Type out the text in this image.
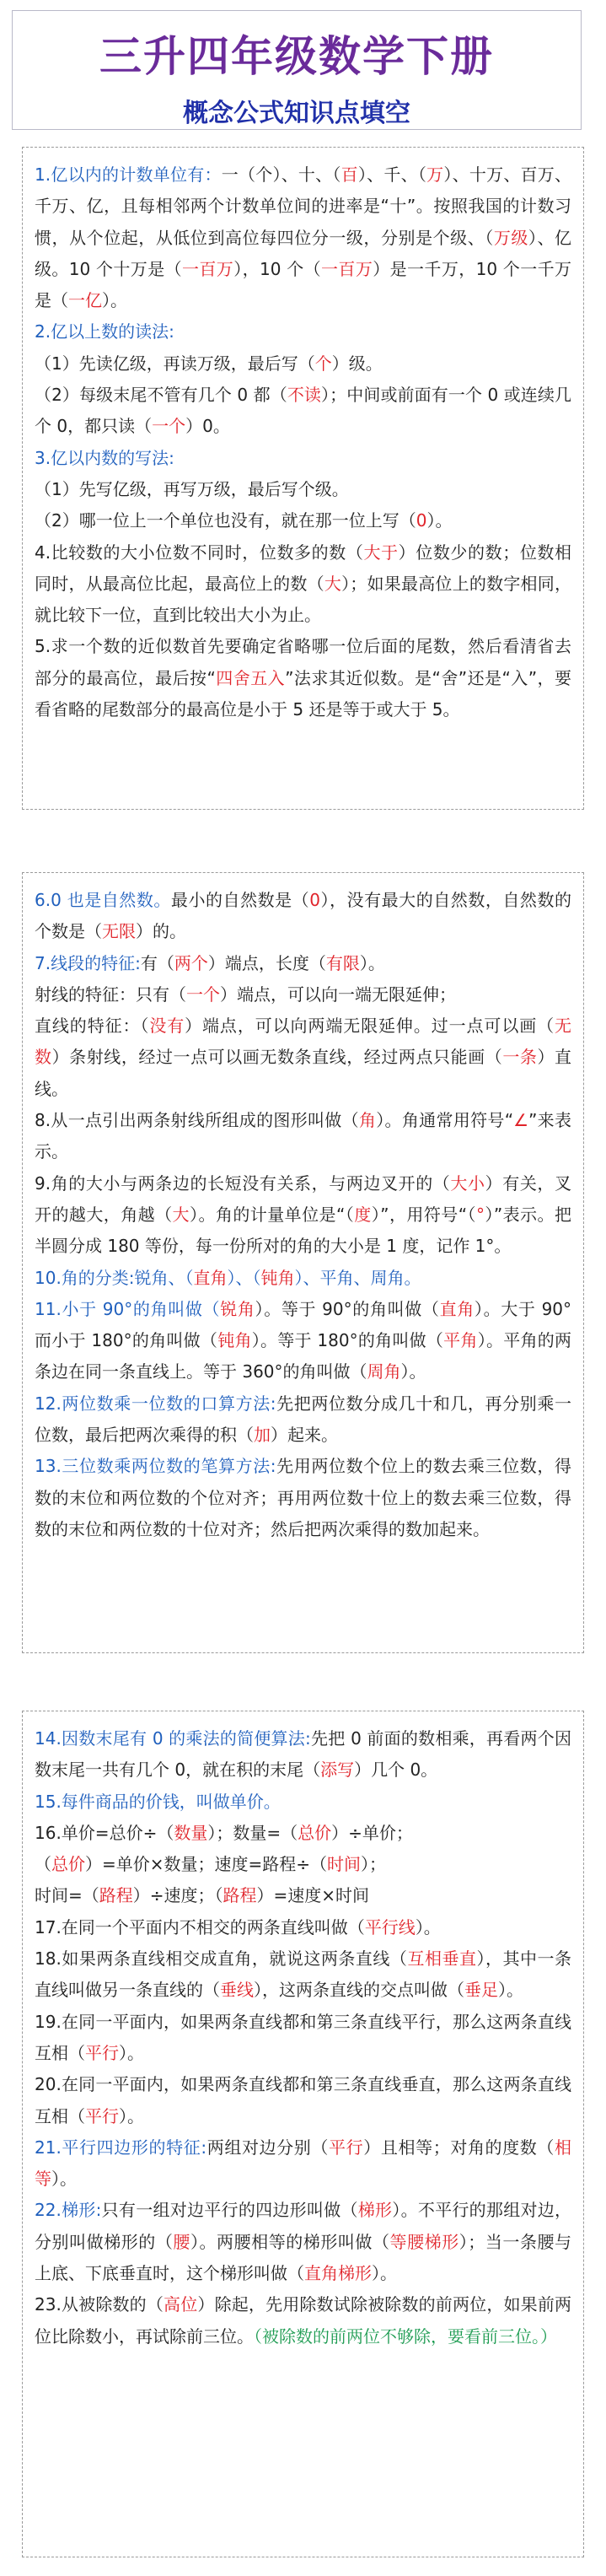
三升四年级数学下册
概念公式知识点填空

1.亿以内的计数单位有：一（个）、十、（百）、千、（万）、十万、百万、千万、亿，且每相邻两个计数单位间的进率是“十”。按照我国的计数习惯，从个位起，从低位到高位每四位分一级，分别是个级、（万级）、亿级。10 个十万是（一百万），10 个（一百万）是一千万，10 个一千万是（一亿）。

2.亿以上数的读法:

（1）先读亿级，再读万级，最后写（个）级。

（2）每级末尾不管有几个 0 都（不读）；中间或前面有一个 0 或连续几个 0，都只读（一个）0。

3.亿以内数的写法:

（1）先写亿级，再写万级，最后写个级。

（2）哪一位上一个单位也没有，就在那一位上写（0）。

4.比较数的大小位数不同时，位数多的数（大于）位数少的数；位数相同时，从最高位比起，最高位上的数（大）；如果最高位上的数字相同，就比较下一位，直到比较出大小为止。

5.求一个数的近似数首先要确定省略哪一位后面的尾数，然后看清省去部分的最高位，最后按“四舍五入”法求其近似数。是“舍”还是“入”，要看省略的尾数部分的最高位是小于 5 还是等于或大于 5。

6.0 也是自然数。最小的自然数是（0），没有最大的自然数，自然数的个数是（无限）的。

7.线段的特征:有（两个）端点，长度（有限）。

射线的特征：只有（一个）端点，可以向一端无限延伸；

直线的特征：（没有）端点，可以向两端无限延伸。过一点可以画（无数）条射线，经过一点可以画无数条直线，经过两点只能画（一条）直线。

8.从一点引出两条射线所组成的图形叫做（角）。角通常用符号“∠”来表示。

9.角的大小与两条边的长短没有关系，与两边叉开的（大小）有关，叉开的越大，角越（大）。角的计量单位是“（度）”，用符号“（°）”表示。把半圆分成 180 等份，每一份所对的角的大小是 1 度，记作 1°。

10.角的分类:锐角、（直角）、（钝角）、平角、周角。

11.小于 90°的角叫做（锐角）。等于 90°的角叫做（直角）。大于 90°而小于 180°的角叫做（钝角）。等于 180°的角叫做（平角）。平角的两条边在同一条直线上。等于 360°的角叫做（周角）。

12.两位数乘一位数的口算方法:先把两位数分成几十和几，再分别乘一位数，最后把两次乘得的积（加）起来。

13.三位数乘两位数的笔算方法:先用两位数个位上的数去乘三位数，得数的末位和两位数的个位对齐；再用两位数十位上的数去乘三位数，得数的末位和两位数的十位对齐；然后把两次乘得的数加起来。

14.因数末尾有 0 的乘法的简便算法:先把 0 前面的数相乘，再看两个因数末尾一共有几个 0，就在积的末尾（添写）几个 0。

15.每件商品的价钱，叫做单价。

16.单价=总价÷（数量）；数量=（总价）÷单价；

（总价）=单价×数量；速度=路程÷（时间）；

时间=（路程）÷速度；（路程）=速度×时间

17.在同一个平面内不相交的两条直线叫做（平行线）。

18.如果两条直线相交成直角，就说这两条直线（互相垂直），其中一条直线叫做另一条直线的（垂线），这两条直线的交点叫做（垂足）。

19.在同一平面内，如果两条直线都和第三条直线平行，那么这两条直线互相（平行）。

20.在同一平面内，如果两条直线都和第三条直线垂直，那么这两条直线互相（平行）。

21.平行四边形的特征:两组对边分别（平行）且相等；对角的度数（相等）。

22.梯形:只有一组对边平行的四边形叫做（梯形）。不平行的那组对边，分别叫做梯形的（腰）。两腰相等的梯形叫做（等腰梯形）；当一条腰与上底、下底垂直时，这个梯形叫做（直角梯形）。

23.从被除数的（高位）除起，先用除数试除被除数的前两位，如果前两位比除数小，再试除前三位。（被除数的前两位不够除，要看前三位。）
